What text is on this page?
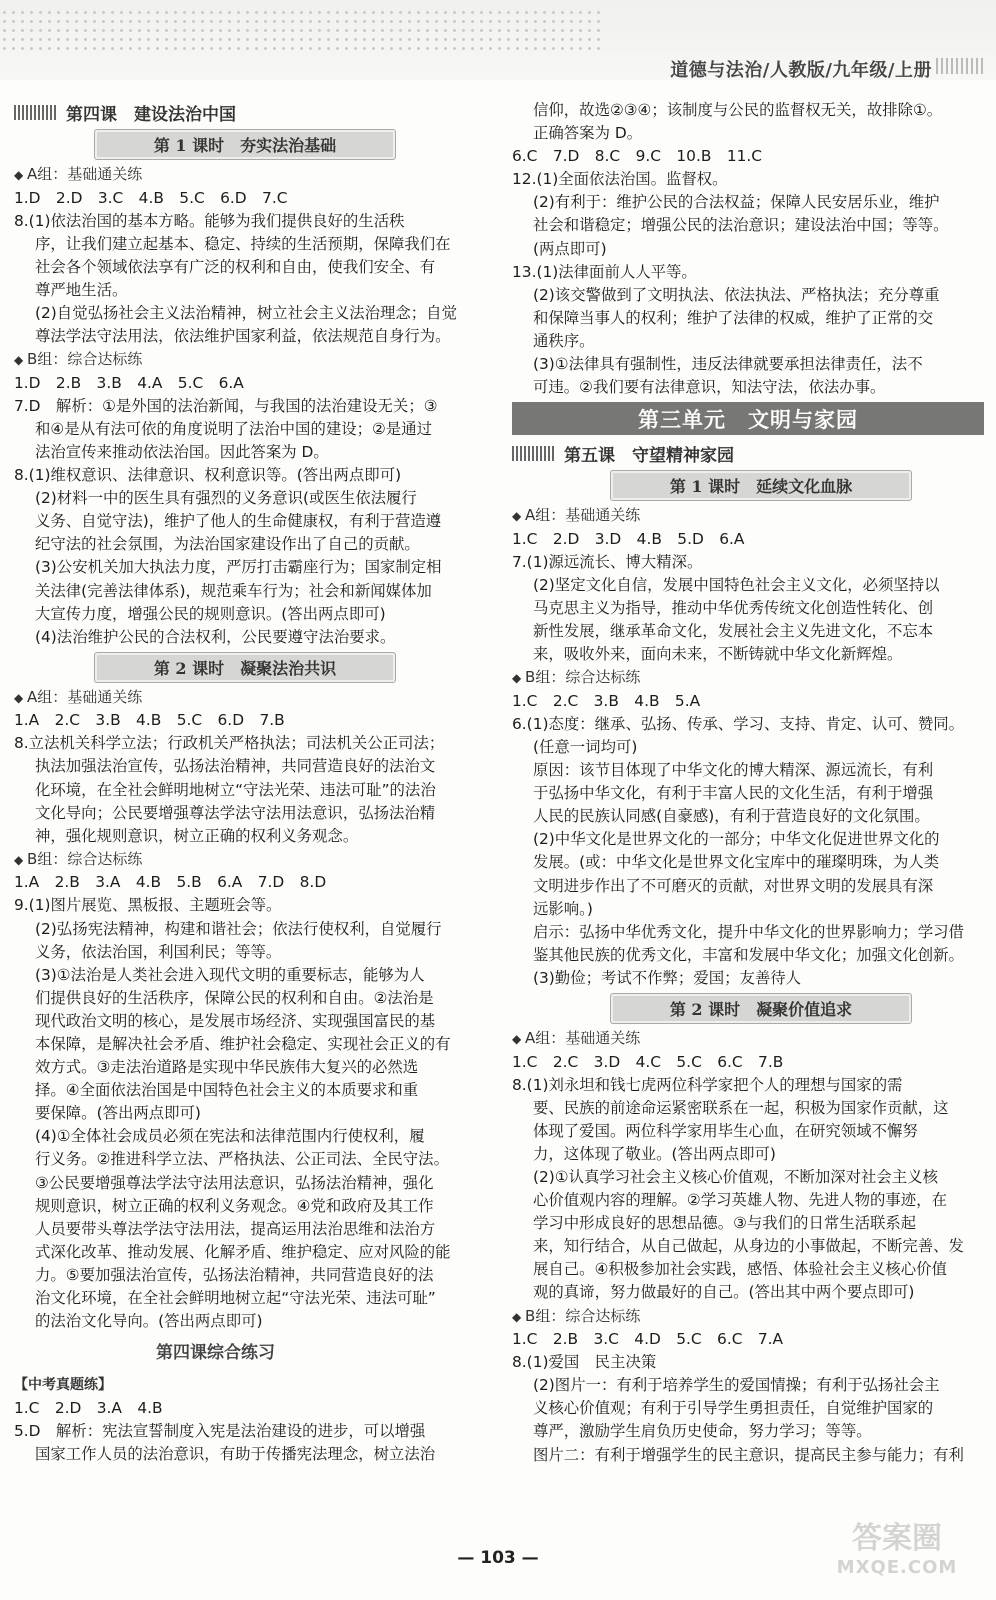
道德与法治/人教版/九年级/上册
第四课　建设法治中国
第 1 课时　夯实法治基础
◆ A组：基础通关练
1.D　2.D　3.C　4.B　5.C　6.D　7.C
8.(1)依法治国的基本方略。能够为我们提供良好的生活秩
序，让我们建立起基本、稳定、持续的生活预期，保障我们在
社会各个领域依法享有广泛的权利和自由，使我们安全、有
尊严地生活。
(2)自觉弘扬社会主义法治精神，树立社会主义法治理念；自觉
尊法学法守法用法，依法维护国家利益，依法规范自身行为。
◆ B组：综合达标练
1.D　2.B　3.B　4.A　5.C　6.A
7.D　解析：①是外国的法治新闻，与我国的法治建设无关；③
和④是从有法可依的角度说明了法治中国的建设；②是通过
法治宣传来推动依法治国。因此答案为 D。
8.(1)维权意识、法律意识、权利意识等。(答出两点即可)
(2)材料一中的医生具有强烈的义务意识(或医生依法履行
义务、自觉守法)，维护了他人的生命健康权，有利于营造遵
纪守法的社会氛围，为法治国家建设作出了自己的贡献。
(3)公安机关加大执法力度，严厉打击霸座行为；国家制定相
关法律(完善法律体系)，规范乘车行为；社会和新闻媒体加
大宣传力度，增强公民的规则意识。(答出两点即可)
(4)法治维护公民的合法权利，公民要遵守法治要求。
第 2 课时　凝聚法治共识
◆ A组：基础通关练
1.A　2.C　3.B　4.B　5.C　6.D　7.B
8.立法机关科学立法；行政机关严格执法；司法机关公正司法；
执法加强法治宣传，弘扬法治精神，共同营造良好的法治文
化环境，在全社会鲜明地树立“守法光荣、违法可耻”的法治
文化导向；公民要增强尊法学法守法用法意识，弘扬法治精
神，强化规则意识，树立正确的权利义务观念。
◆ B组：综合达标练
1.A　2.B　3.A　4.B　5.B　6.A　7.D　8.D
9.(1)图片展览、黑板报、主题班会等。
(2)弘扬宪法精神，构建和谐社会；依法行使权利，自觉履行
义务，依法治国，利国利民；等等。
(3)①法治是人类社会进入现代文明的重要标志，能够为人
们提供良好的生活秩序，保障公民的权利和自由。②法治是
现代政治文明的核心，是发展市场经济、实现强国富民的基
本保障，是解决社会矛盾、维护社会稳定、实现社会正义的有
效方式。③走法治道路是实现中华民族伟大复兴的必然选
择。④全面依法治国是中国特色社会主义的本质要求和重
要保障。(答出两点即可)
(4)①全体社会成员必须在宪法和法律范围内行使权利，履
行义务。②推进科学立法、严格执法、公正司法、全民守法。
③公民要增强尊法学法守法用法意识，弘扬法治精神，强化
规则意识，树立正确的权利义务观念。④党和政府及其工作
人员要带头尊法学法守法用法，提高运用法治思维和法治方
式深化改革、推动发展、化解矛盾、维护稳定、应对风险的能
力。⑤要加强法治宣传，弘扬法治精神，共同营造良好的法
治文化环境，在全社会鲜明地树立起“守法光荣、违法可耻”
的法治文化导向。(答出两点即可)
第四课综合练习
【中考真题练】
1.C　2.D　3.A　4.B
5.D　解析：宪法宣誓制度入宪是法治建设的进步，可以增强
国家工作人员的法治意识，有助于传播宪法理念，树立法治
信仰，故选②③④；该制度与公民的监督权无关，故排除①。
正确答案为 D。
6.C　7.D　8.C　9.C　10.B　11.C
12.(1)全面依法治国。监督权。
(2)有利于：维护公民的合法权益；保障人民安居乐业，维护
社会和谐稳定；增强公民的法治意识；建设法治中国；等等。
(两点即可)
13.(1)法律面前人人平等。
(2)该交警做到了文明执法、依法执法、严格执法；充分尊重
和保障当事人的权利；维护了法律的权威，维护了正常的交
通秩序。
(3)①法律具有强制性，违反法律就要承担法律责任，法不
可违。②我们要有法律意识，知法守法，依法办事。
第三单元　文明与家园
第五课　守望精神家园
第 1 课时　延续文化血脉
◆ A组：基础通关练
1.C　2.D　3.D　4.B　5.D　6.A
7.(1)源远流长、博大精深。
(2)坚定文化自信，发展中国特色社会主义文化，必须坚持以
马克思主义为指导，推动中华优秀传统文化创造性转化、创
新性发展，继承革命文化，发展社会主义先进文化，不忘本
来，吸收外来，面向未来，不断铸就中华文化新辉煌。
◆ B组：综合达标练
1.C　2.C　3.B　4.B　5.A
6.(1)态度：继承、弘扬、传承、学习、支持、肯定、认可、赞同。
(任意一词均可)
原因：该节目体现了中华文化的博大精深、源远流长，有利
于弘扬中华文化，有利于丰富人民的文化生活，有利于增强
人民的民族认同感(自豪感)，有利于营造良好的文化氛围。
(2)中华文化是世界文化的一部分；中华文化促进世界文化的
发展。(或：中华文化是世界文化宝库中的璀璨明珠，为人类
文明进步作出了不可磨灭的贡献，对世界文明的发展具有深
远影响。)
启示：弘扬中华优秀文化，提升中华文化的世界影响力；学习借
鉴其他民族的优秀文化，丰富和发展中华文化；加强文化创新。
(3)勤俭；考试不作弊；爱国；友善待人
第 2 课时　凝聚价值追求
◆ A组：基础通关练
1.C　2.C　3.D　4.C　5.C　6.C　7.B
8.(1)刘永坦和钱七虎两位科学家把个人的理想与国家的需
要、民族的前途命运紧密联系在一起，积极为国家作贡献，这
体现了爱国。两位科学家用毕生心血，在研究领域不懈努
力，这体现了敬业。(答出两点即可)
(2)①认真学习社会主义核心价值观，不断加深对社会主义核
心价值观内容的理解。②学习英雄人物、先进人物的事迹，在
学习中形成良好的思想品德。③与我们的日常生活联系起
来，知行结合，从自己做起，从身边的小事做起，不断完善、发
展自己。④积极参加社会实践，感悟、体验社会主义核心价值
观的真谛，努力做最好的自己。(答出其中两个要点即可)
◆ B组：综合达标练
1.C　2.B　3.C　4.D　5.C　6.C　7.A
8.(1)爱国　民主决策
(2)图片一：有利于培养学生的爱国情操；有利于弘扬社会主
义核心价值观；有利于引导学生勇担责任，自觉维护国家的
尊严，激励学生肩负历史使命，努力学习；等等。
图片二：有利于增强学生的民主意识，提高民主参与能力；有利
— 103 —
答案圈
MXQE.COM
